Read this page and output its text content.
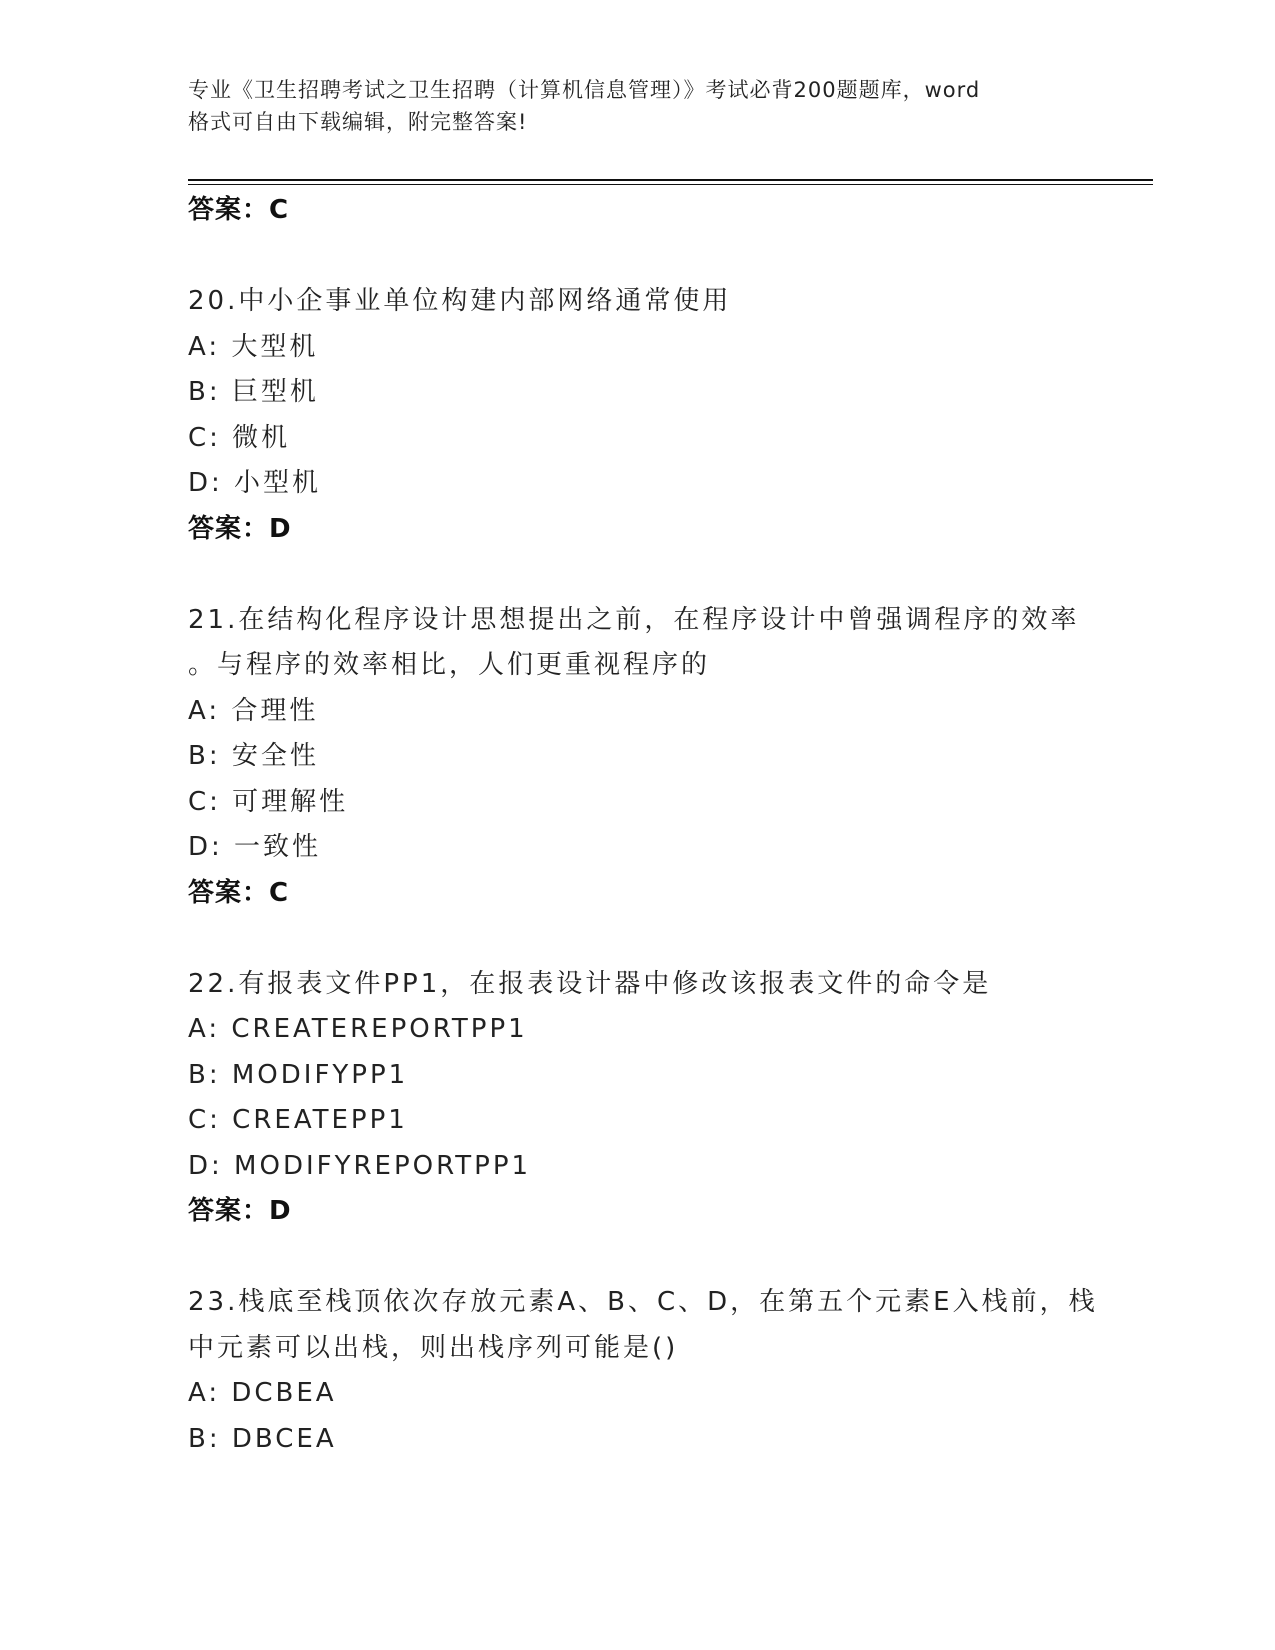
专业《卫生招聘考试之卫生招聘（计算机信息管理）》考试必背200题题库，word
格式可自由下载编辑，附完整答案!
答案：C
20.中小企事业单位构建内部网络通常使用
A: 大型机
B: 巨型机
C: 微机
D: 小型机
答案：D
21.在结构化程序设计思想提出之前，在程序设计中曾强调程序的效率
。与程序的效率相比，人们更重视程序的
A: 合理性
B: 安全性
C: 可理解性
D: 一致性
答案：C
22.有报表文件PP1，在报表设计器中修改该报表文件的命令是
A: CREATEREPORTPP1
B: MODIFYPP1
C: CREATEPP1
D: MODIFYREPORTPP1
答案：D
23.栈底至栈顶依次存放元素A、B、C、D，在第五个元素E入栈前，栈
中元素可以出栈，则出栈序列可能是()
A: DCBEA
B: DBCEA
